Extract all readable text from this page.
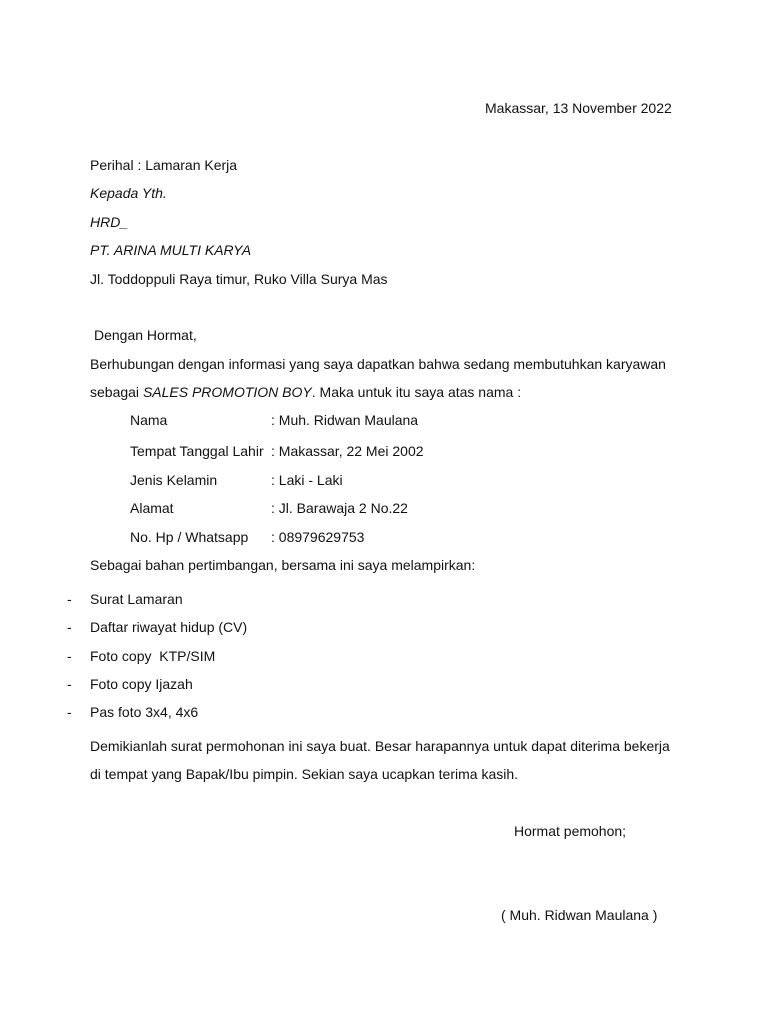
Makassar, 13 November 2022
Perihal : Lamaran Kerja
Kepada Yth.
HRD_
PT. ARINA MULTI KARYA
Jl. Toddoppuli Raya timur, Ruko Villa Surya Mas
Dengan Hormat,
Berhubungan dengan informasi yang saya dapatkan bahwa sedang membutuhkan karyawan
sebagai SALES PROMOTION BOY. Maka untuk itu saya atas nama :
Nama	: Muh. Ridwan Maulana
Tempat Tanggal Lahir : Makassar, 22 Mei 2002
Jenis Kelamin	: Laki - Laki
Alamat	: Jl. Barawaja 2 No.22
No. Hp / Whatsapp : 08979629753
Sebagai bahan pertimbangan, bersama ini saya melampirkan:
- Surat Lamaran
- Daftar riwayat hidup (CV)
- Foto copy  KTP/SIM
- Foto copy Ijazah
- Pas foto 3x4, 4x6
Demikianlah surat permohonan ini saya buat. Besar harapannya untuk dapat diterima bekerja
di tempat yang Bapak/Ibu pimpin. Sekian saya ucapkan terima kasih.
Hormat pemohon;
( Muh. Ridwan Maulana )
